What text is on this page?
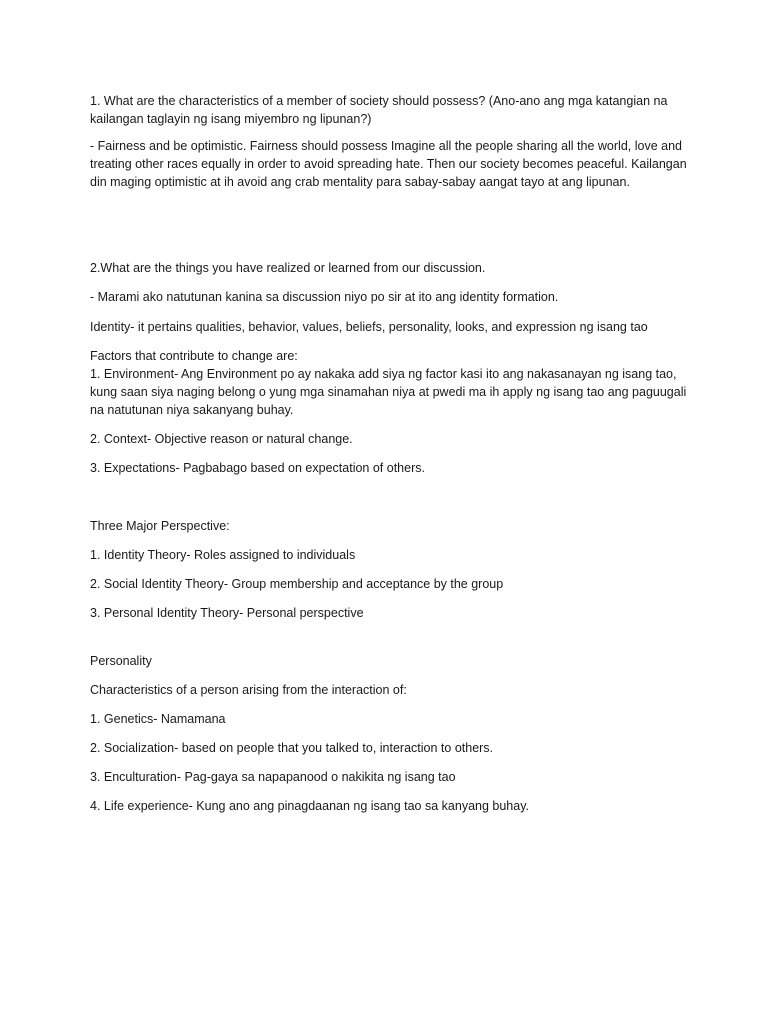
1. What are the characteristics of a member of society should possess? (Ano-ano ang mga katangian na kailangan taglayin ng isang miyembro ng lipunan?)

- Fairness and be optimistic. Fairness should possess Imagine all the people sharing all the world, love and treating other races equally in order to avoid spreading hate. Then our society becomes peaceful. Kailangan din maging optimistic at ih avoid ang crab mentality para sabay-sabay aangat tayo at ang lipunan.

2.What are the things you have realized or learned from our discussion.

- Marami ako natutunan kanina sa discussion niyo po sir at ito ang identity formation.

Identity- it pertains qualities, behavior, values, beliefs, personality, looks, and expression ng isang tao

Factors that contribute to change are:

1. Environment- Ang Environment po ay nakaka add siya ng factor kasi ito ang nakasanayan ng isang tao, kung saan siya naging belong o yung mga sinamahan niya at pwedi ma ih apply ng isang tao ang paguugali na natutunan niya sakanyang buhay.

2. Context- Objective reason or natural change.

3. Expectations- Pagbabago based on expectation of others.

Three Major Perspective:

1. Identity Theory- Roles assigned to individuals

2. Social Identity Theory- Group membership and acceptance by the group

3. Personal Identity Theory- Personal perspective

Personality

Characteristics of a person arising from the interaction of:

1. Genetics- Namamana

2. Socialization- based on people that you talked to, interaction to others.

3. Enculturation- Pag-gaya sa napapanood o nakikita ng isang tao

4. Life experience- Kung ano ang pinagdaanan ng isang tao sa kanyang buhay.
